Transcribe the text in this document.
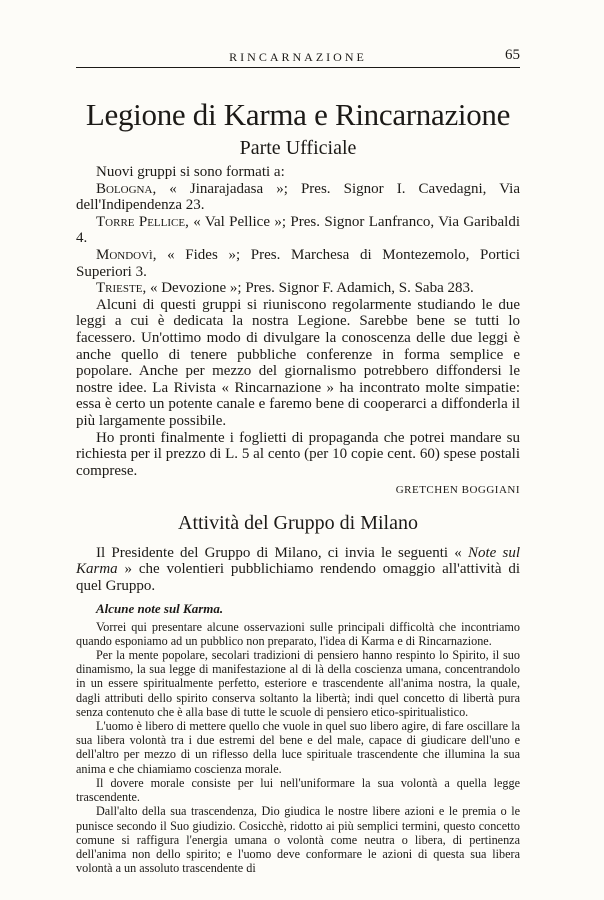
RINCARNAZIONE	65
Legione di Karma e Rincarnazione
Parte Ufficiale

Nuovi gruppi si sono formati a:

Bologna, « Jinarajadasa »; Pres. Signor I. Cavedagni, Via dell'Indipendenza 23.

Torre Pellice, « Val Pellice »; Pres. Signor Lanfranco, Via Garibaldi 4.

Mondovì, « Fides »; Pres. Marchesa di Montezemolo, Portici Superiori 3.

Trieste, « Devozione »; Pres. Signor F. Adamich, S. Saba 283.

Alcuni di questi gruppi si riuniscono regolarmente studiando le due leggi a cui è dedicata la nostra Legione. Sarebbe bene se tutti lo facessero. Un'ottimo modo di divulgare la conoscenza delle due leggi è anche quello di tenere pubbliche conferenze in forma semplice e popolare. Anche per mezzo del giornalismo potrebbero diffondersi le nostre idee. La Rivista « Rincarnazione » ha incontrato molte simpatie: essa è certo un potente canale e faremo bene di cooperarci a diffonderla il più largamente possibile.

Ho pronti finalmente i foglietti di propaganda che potrei mandare su richiesta per il prezzo di L. 5 al cento (per 10 copie cent. 60) spese postali comprese.

GRETCHEN BOGGIANI
Attività del Gruppo di Milano

Il Presidente del Gruppo di Milano, ci invia le seguenti « Note sul Karma » che volentieri pubblichiamo rendendo omaggio all'attività di quel Gruppo.

Alcune note sul Karma.

Vorrei qui presentare alcune osservazioni sulle principali difficoltà che incontriamo quando esponiamo ad un pubblico non preparato, l'idea di Karma e di Rincarnazione.

Per la mente popolare, secolari tradizioni di pensiero hanno respinto lo Spirito, il suo dinamismo, la sua legge di manifestazione al di là della coscienza umana, concentrandolo in un essere spiritualmente perfetto, esteriore e trascendente all'anima nostra, la quale, dagli attributi dello spirito conserva soltanto la libertà; indi quel concetto di libertà pura senza contenuto che è alla base di tutte le scuole di pensiero etico-spiritualistico.

L'uomo è libero di mettere quello che vuole in quel suo libero agire, di fare oscillare la sua libera volontà tra i due estremi del bene e del male, capace di giudicare dell'uno e dell'altro per mezzo di un riflesso della luce spirituale trascendente che illumina la sua anima e che chiamiamo coscienza morale.

Il dovere morale consiste per lui nell'uniformare la sua volontà a quella legge trascendente.

Dall'alto della sua trascendenza, Dio giudica le nostre libere azioni e le premia o le punisce secondo il Suo giudizio. Cosicchè, ridotto ai più semplici termini, questo concetto comune si raffigura l'energia umana o volontà come neutra o libera, di pertinenza dell'anima non dello spirito; e l'uomo deve conformare le azioni di questa sua libera volontà a un assoluto trascendente di
